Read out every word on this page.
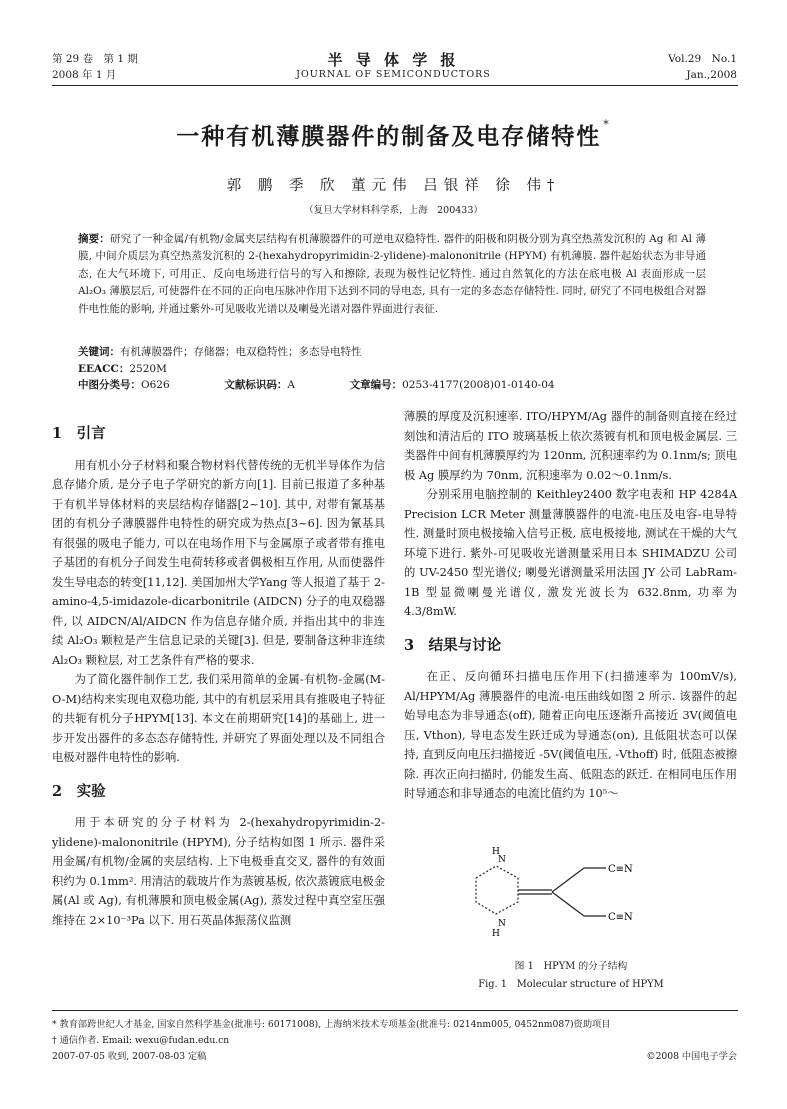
第 29 卷　第 1 期
2008 年 1 月
半 导 体 学 报
JOURNAL OF SEMICONDUCTORS
Vol.29　No.1
Jan.,2008
一种有机薄膜器件的制备及电存储特性 *
郭 鹏 季 欣 董元伟 吕银祥 徐 伟†
（复旦大学材料科学系，上海　200433）
摘要：研究了一种金属/有机物/金属夹层结构有机薄膜器件的可逆电双稳特性. 器件的阳极和阴极分别为真空热蒸发沉积的 Ag 和 Al 薄膜, 中间介质层为真空热蒸发沉积的 2-(hexahydropyrimidin-2-ylidene)-malononitrile (HPYM) 有机薄膜. 器件起始状态为非导通态, 在大气环境下, 可用正、反向电场进行信号的写入和擦除, 表现为极性记忆特性. 通过自然氧化的方法在底电极 Al 表面形成一层 Al₂O₃ 薄膜层后, 可使器件在不同的正向电压脉冲作用下达到不同的导电态, 具有一定的多态态存储特性. 同时, 研究了不同电极组合对器件电性能的影响, 并通过紫外-可见吸收光谱以及喇曼光谱对器件界面进行表征.
关键词：有机薄膜器件；存储器；电双稳特性；多态导电特性
EEACC：2520M
中图分类号：O626	文献标识码：A	文章编号：0253-4177(2008)01-0140-04
1　引言

用有机小分子材料和聚合物材料代替传统的无机半导体作为信息存储介质, 是分子电子学研究的新方向[1]. 目前已报道了多种基于有机半导体材料的夹层结构存储器[2~10]. 其中, 对带有氰基基团的有机分子薄膜器件电特性的研究成为热点[3~6]. 因为氰基具有很强的吸电子能力, 可以在电场作用下与金属原子或者带有推电子基团的有机分子间发生电荷转移或者偶极相互作用, 从而使器件发生导电态的转变[11,12]. 美国加州大学Yang 等人报道了基于 2-amino-4,5-imidazole-dicarbonitrile (AIDCN) 分子的电双稳器件, 以 AIDCN/Al/AIDCN 作为信息存储介质, 并指出其中的非连续 Al₂O₃ 颗粒是产生信息记录的关键[3]. 但是, 要制备这种非连续 Al₂O₃ 颗粒层, 对工艺条件有严格的要求.

为了简化器件制作工艺, 我们采用简单的金属-有机物-金属(M-O-M)结构来实现电双稳功能, 其中的有机层采用具有推吸电子特征的共轭有机分子HPYM[13]. 本文在前期研究[14]的基础上, 进一步开发出器件的多态态存储特性, 并研究了界面处理以及不同组合电极对器件电特性的影响.

2　实验

用于本研究的分子材料为 2-(hexahydropyrimidin-2-ylidene)-malononitrile (HPYM), 分子结构如图 1 所示. 器件采用金属/有机物/金属的夹层结构. 上下电极垂直交叉, 器件的有效面积约为 0.1mm². 用清洁的载玻片作为蒸镀基板, 依次蒸镀底电极金属(Al 或 Ag), 有机薄膜和顶电极金属(Ag), 蒸发过程中真空室压强维持在 2×10⁻³Pa 以下. 用石英晶体振荡仪监测

薄膜的厚度及沉积速率. ITO/HPYM/Ag 器件的制备则直接在经过刻蚀和清洁后的 ITO 玻璃基板上依次蒸镀有机和顶电极金属层. 三类器件中间有机薄膜厚约为 120nm, 沉积速率约为 0.1nm/s; 顶电极 Ag 膜厚约为 70nm, 沉积速率为 0.02～0.1nm/s.

分别采用电脑控制的 Keithley2400 数字电表和 HP 4284A Precision LCR Meter 测量薄膜器件的电流-电压及电容-电导特性. 测量时顶电极接输入信号正极, 底电极接地, 测试在干燥的大气环境下进行. 紫外-可见吸收光谱测量采用日本 SHIMADZU 公司的 UV-2450 型光谱仪; 喇曼光谱测量采用法国 JY 公司 LabRam-1B 型显微喇曼光谱仪, 激发光波长为 632.8nm, 功率为 4.3/8mW.

3　结果与讨论

在正、反向循环扫描电压作用下(扫描速率为 100mV/s), Al/HPYM/Ag 薄膜器件的电流-电压曲线如图 2 所示. 该器件的起始导电态为非导通态(off), 随着正向电压逐渐升高接近 3V(阈值电压, Vthon), 导电态发生跃迁成为导通态(on), 且低阻状态可以保持, 直到反向电压扫描接近 -5V(阈值电压, -Vthoff) 时, 低阻态被擦除. 再次正向扫描时, 仍能发生高、低阻态的跃迁. 在相同电压作用时导通态和非导通态的电流比值约为 10⁵～

N
N
H
H
C≡N
C≡N
图 1　HPYM 的分子结构
Fig. 1　Molecular structure of HPYM
* 教育部跨世纪人才基金, 国家自然科学基金(批准号: 60171008), 上海纳米技术专项基金(批准号: 0214nm005, 0452nm087)资助项目
† 通信作者. Email: wexu@fudan.edu.cn
2007-07-05 收到, 2007-08-03 定稿	©2008 中国电子学会
